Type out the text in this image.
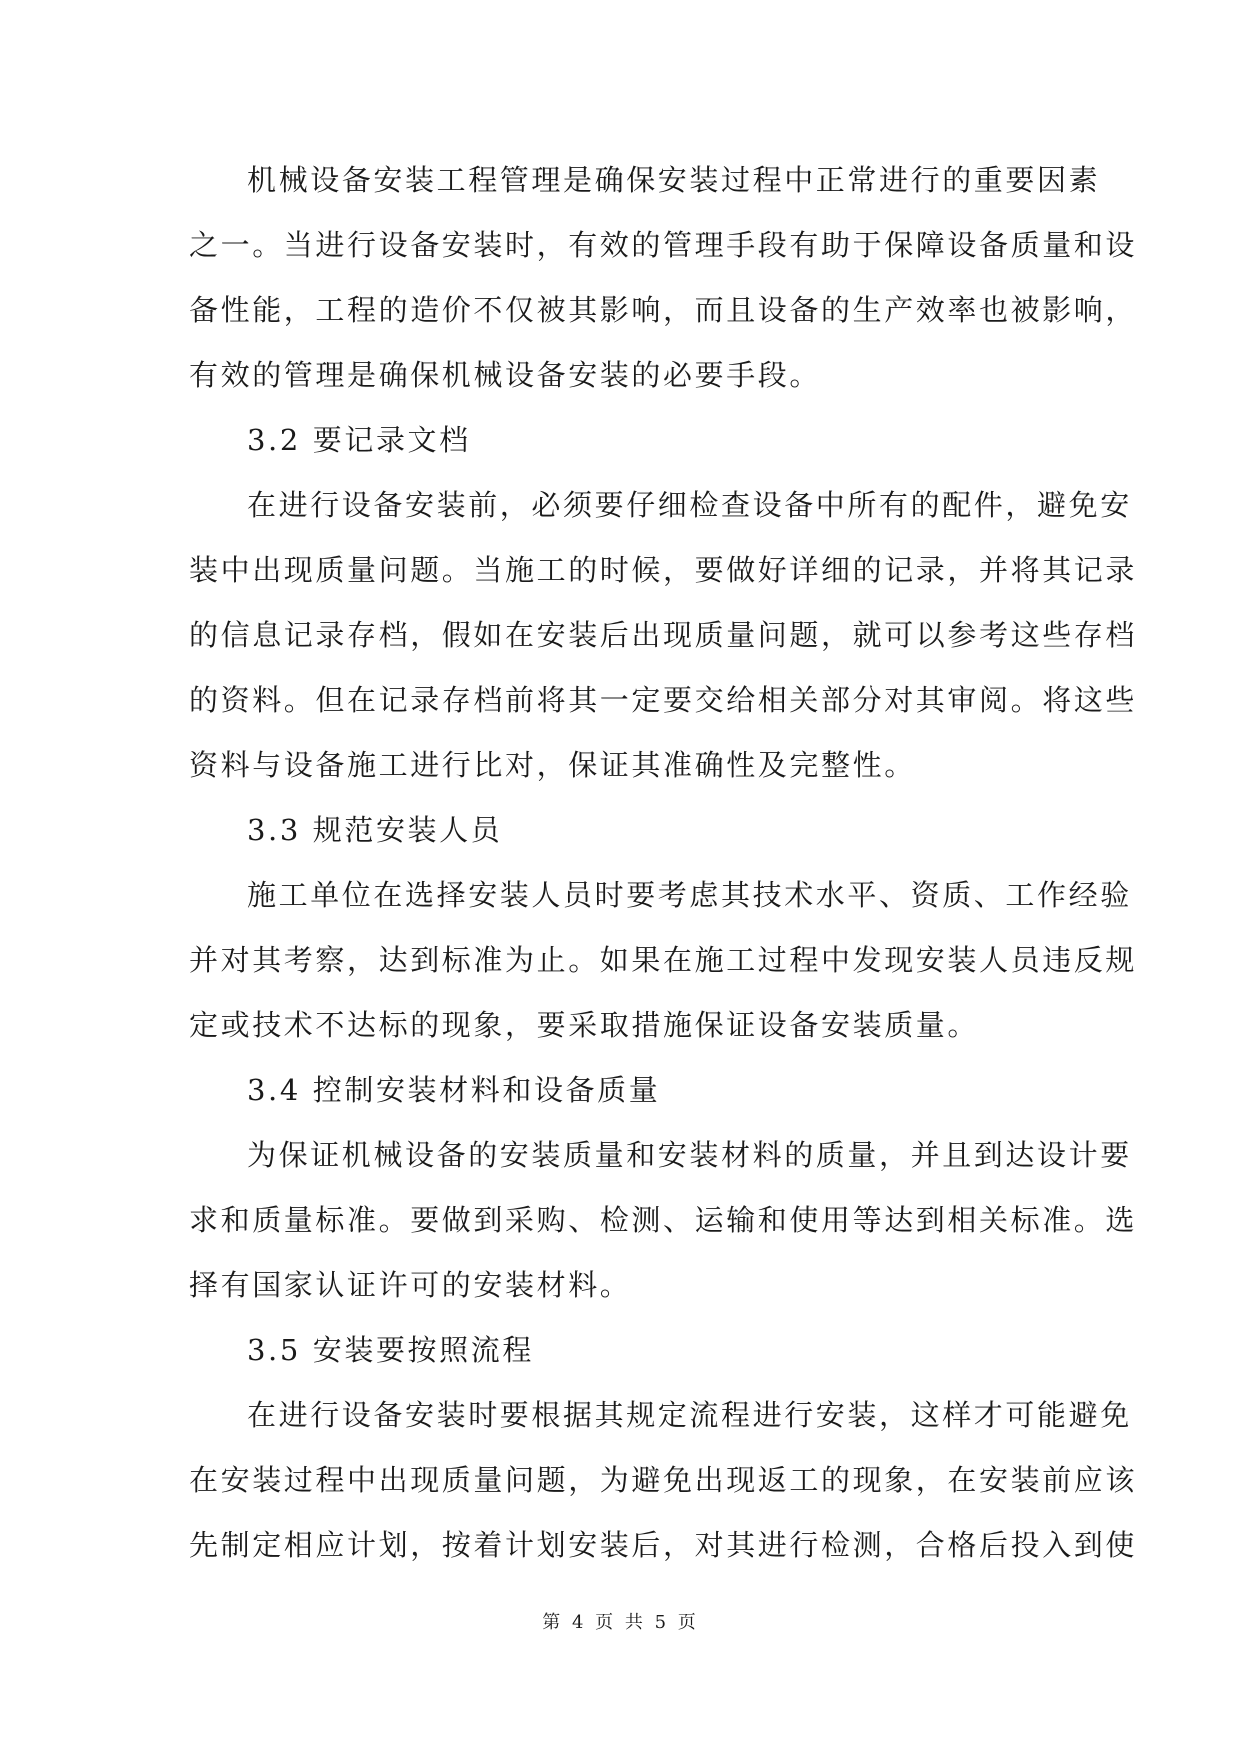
机械设备安装工程管理是确保安装过程中正常进行的重要因素
之一。当进行设备安装时，有效的管理手段有助于保障设备质量和设
备性能，工程的造价不仅被其影响，而且设备的生产效率也被影响，
有效的管理是确保机械设备安装的必要手段。
3.2 要记录文档
在进行设备安装前，必须要仔细检查设备中所有的配件，避免安
装中出现质量问题。当施工的时候，要做好详细的记录，并将其记录
的信息记录存档，假如在安装后出现质量问题，就可以参考这些存档
的资料。但在记录存档前将其一定要交给相关部分对其审阅。将这些
资料与设备施工进行比对，保证其准确性及完整性。
3.3 规范安装人员
施工单位在选择安装人员时要考虑其技术水平、资质、工作经验
并对其考察，达到标准为止。如果在施工过程中发现安装人员违反规
定或技术不达标的现象，要采取措施保证设备安装质量。
3.4 控制安装材料和设备质量
为保证机械设备的安装质量和安装材料的质量，并且到达设计要
求和质量标准。要做到采购、检测、运输和使用等达到相关标准。选
择有国家认证许可的安装材料。
3.5 安装要按照流程
在进行设备安装时要根据其规定流程进行安装，这样才可能避免
在安装过程中出现质量问题，为避免出现返工的现象，在安装前应该
先制定相应计划，按着计划安装后，对其进行检测，合格后投入到使
第 4 页 共 5 页
